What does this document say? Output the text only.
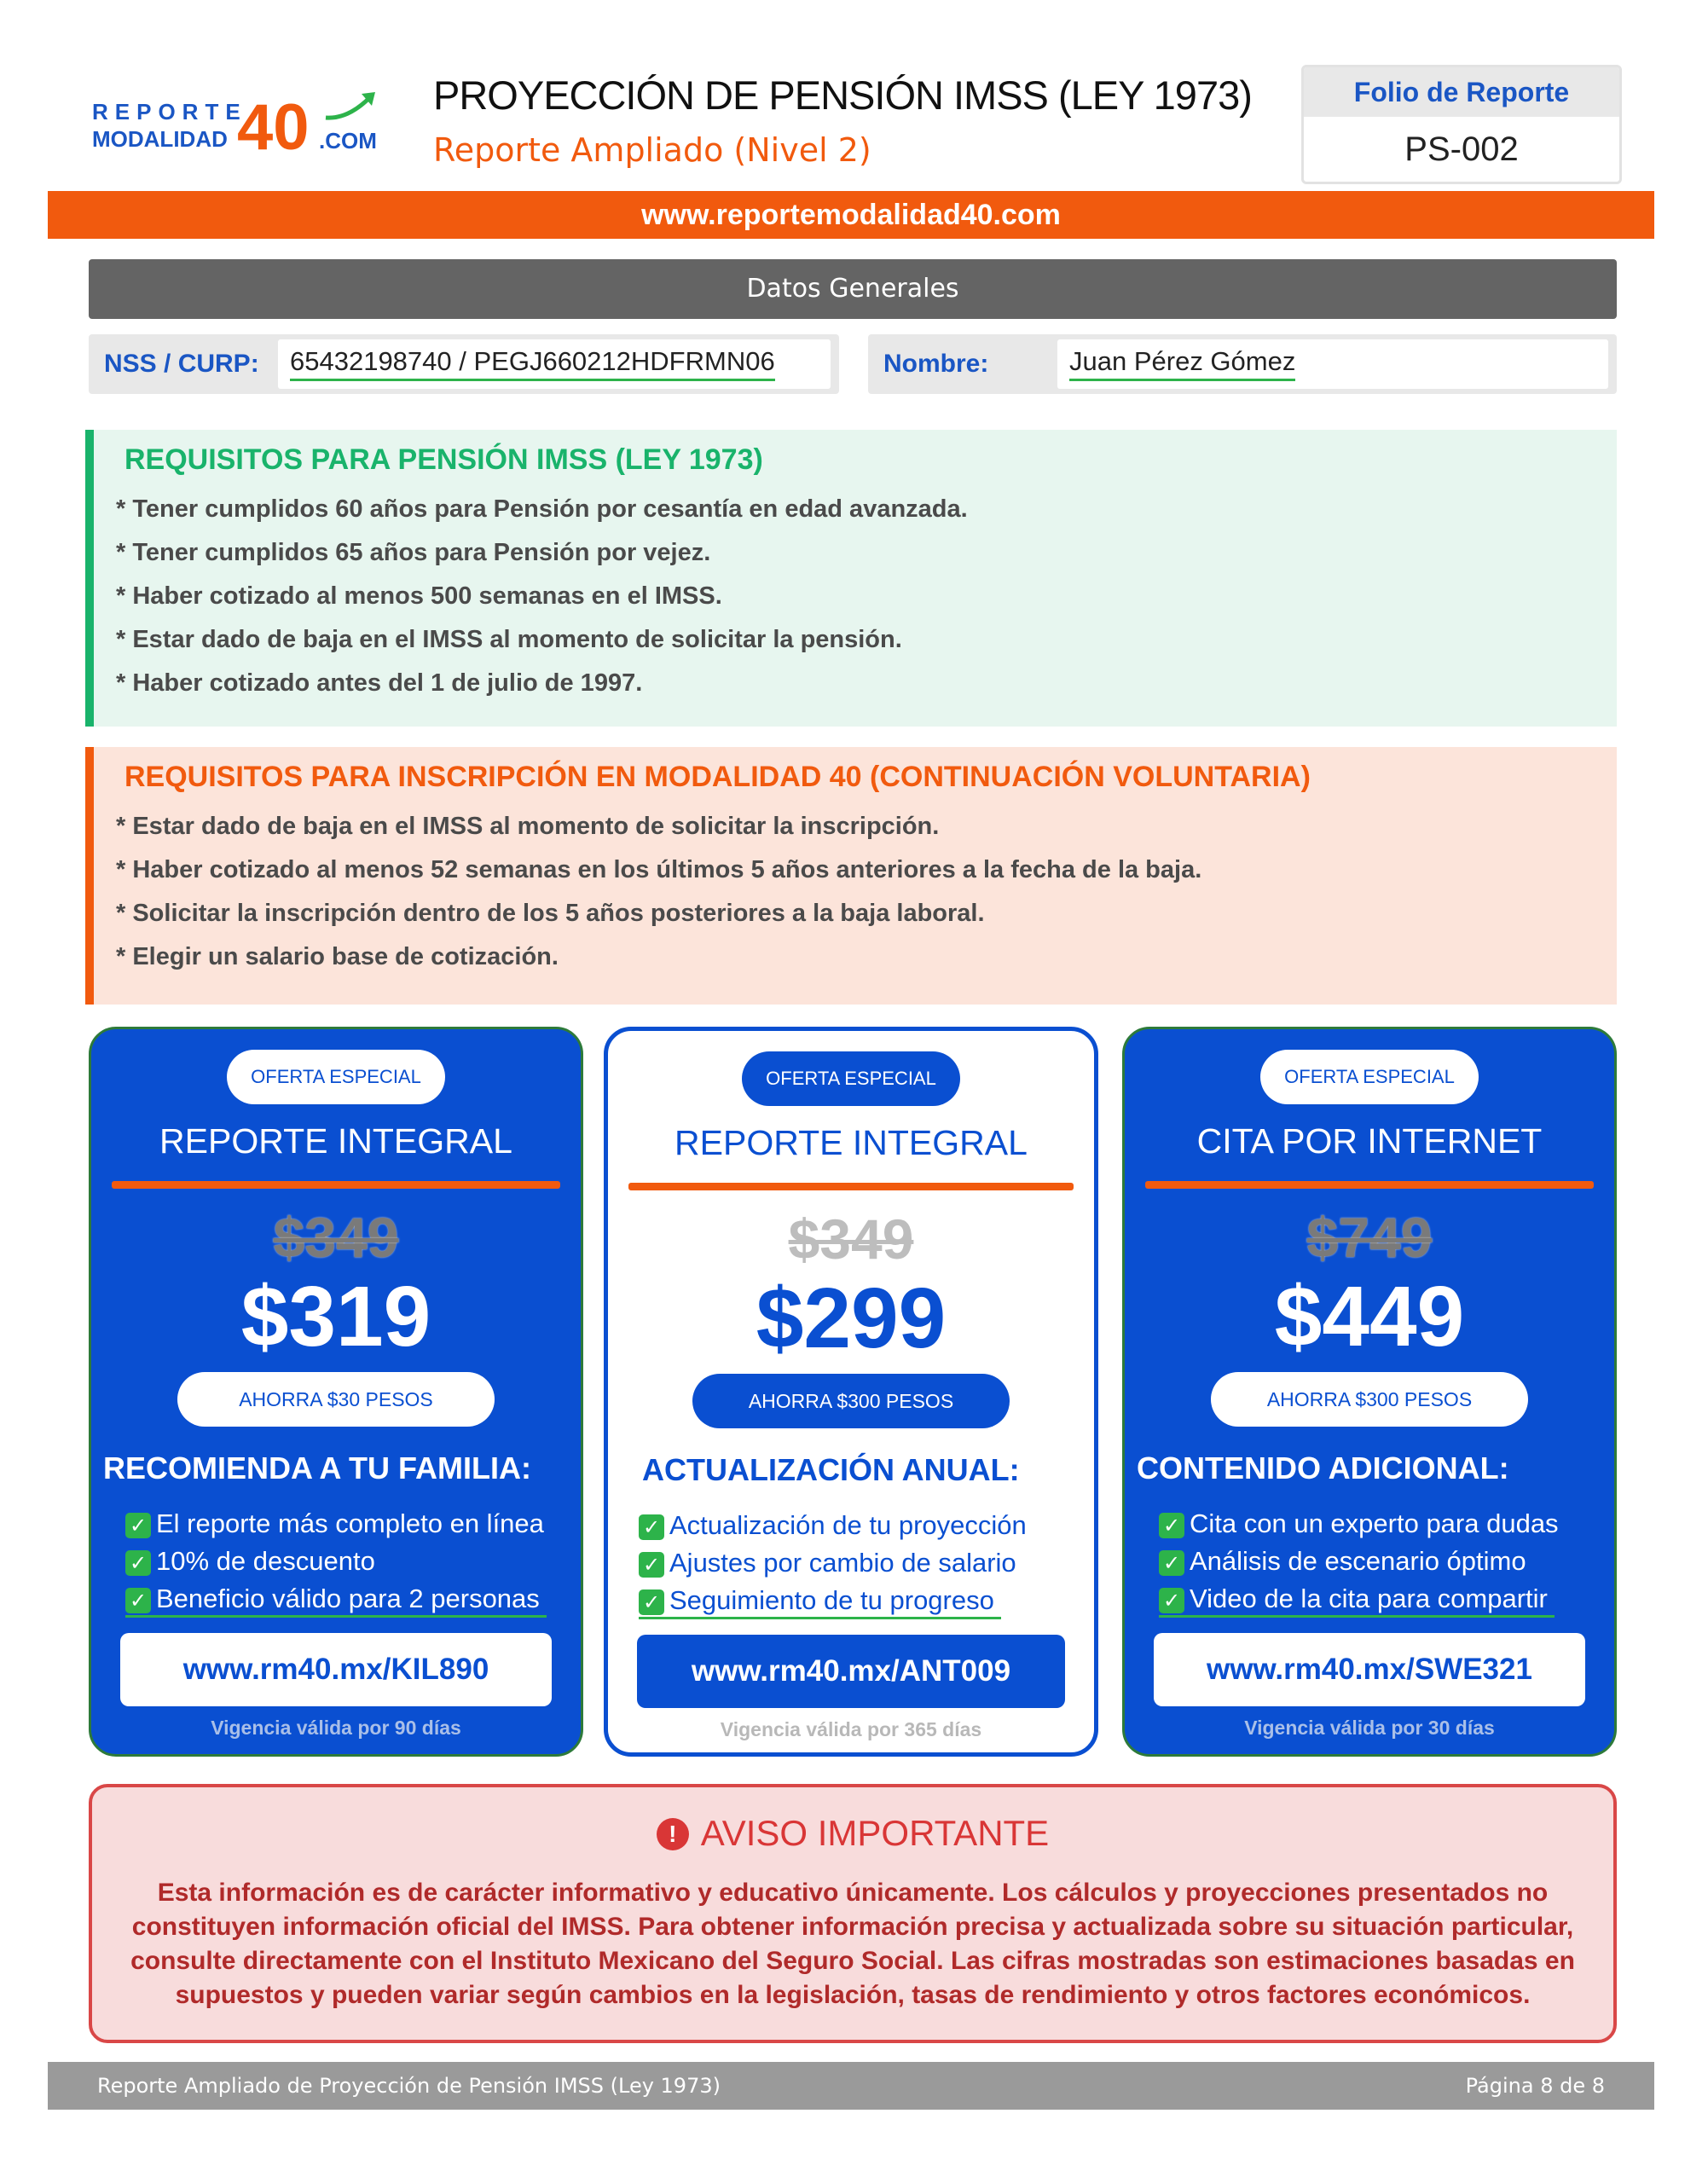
REPORTE
MODALIDAD 40 .COM
PROYECCIÓN DE PENSIÓN IMSS (LEY 1973)
Reporte Ampliado (Nivel 2)
Folio de Reporte
PS-002
www.reportemodalidad40.com
Datos Generales
NSS / CURP: 65432198740 / PEGJ660212HDFRMN06	Nombre:	Juan Pérez Gómez
REQUISITOS PARA PENSIÓN IMSS (LEY 1973)
* Tener cumplidos 60 años para Pensión por cesantía en edad avanzada.
* Tener cumplidos 65 años para Pensión por vejez.
* Haber cotizado al menos 500 semanas en el IMSS.
* Estar dado de baja en el IMSS al momento de solicitar la pensión.
* Haber cotizado antes del 1 de julio de 1997.
REQUISITOS PARA INSCRIPCIÓN EN MODALIDAD 40 (CONTINUACIÓN VOLUNTARIA)
* Estar dado de baja en el IMSS al momento de solicitar la inscripción.
* Haber cotizado al menos 52 semanas en los últimos 5 años anteriores a la fecha de la baja.
* Solicitar la inscripción dentro de los 5 años posteriores a la baja laboral.
* Elegir un salario base de cotización.
OFERTA ESPECIAL
REPORTE INTEGRAL
$349
$319
AHORRA $30 PESOS
RECOMIENDA A TU FAMILIA:
✓ El reporte más completo en línea
✓ 10% de descuento
✓ Beneficio válido para 2 personas
www.rm40.mx/KIL890
Vigencia válida por 90 días
OFERTA ESPECIAL
REPORTE INTEGRAL
$349
$299
AHORRA $300 PESOS
ACTUALIZACIÓN ANUAL:
✓ Actualización de tu proyección
✓ Ajustes por cambio de salario
✓ Seguimiento de tu progreso
www.rm40.mx/ANT009
Vigencia válida por 365 días
OFERTA ESPECIAL
CITA POR INTERNET
$749
$449
AHORRA $300 PESOS
CONTENIDO ADICIONAL:
✓ Cita con un experto para dudas
✓ Análisis de escenario óptimo
✓ Video de la cita para compartir
www.rm40.mx/SWE321
Vigencia válida por 30 días
! AVISO IMPORTANTE
Esta información es de carácter informativo y educativo únicamente. Los cálculos y proyecciones presentados no constituyen información oficial del IMSS. Para obtener información precisa y actualizada sobre su situación particular, consulte directamente con el Instituto Mexicano del Seguro Social. Las cifras mostradas son estimaciones basadas en supuestos y pueden variar según cambios en la legislación, tasas de rendimiento y otros factores económicos.
Reporte Ampliado de Proyección de Pensión IMSS (Ley 1973)	Página 8 de 8
